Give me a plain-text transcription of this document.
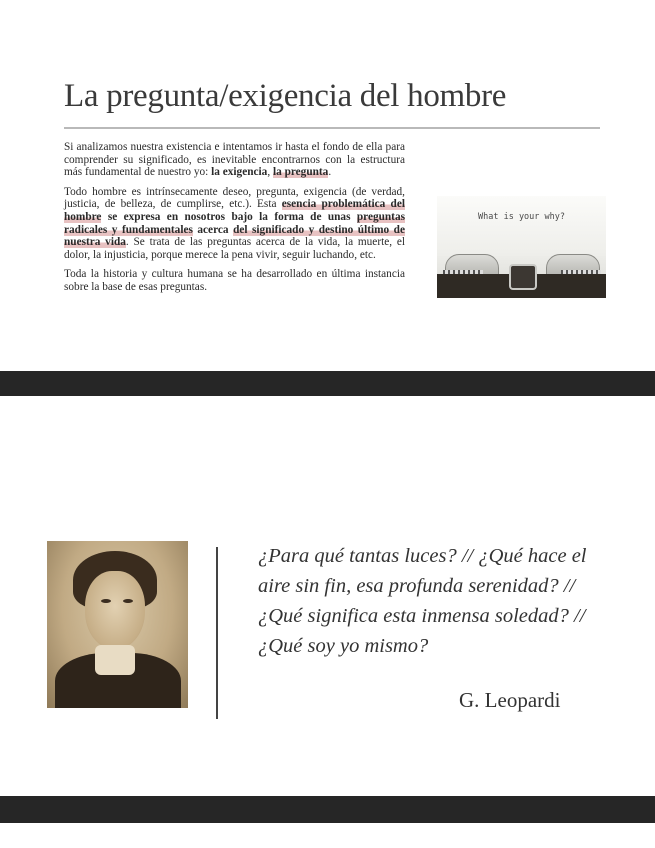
La pregunta/exigencia del hombre

Si analizamos nuestra existencia e intentamos ir hasta el fondo de ella para comprender su significado, es inevitable encontrarnos con la estructura más fundamental de nuestro yo: la exigencia, la pregunta.

Todo hombre es intrínsecamente deseo, pregunta, exigencia (de verdad, justicia, de belleza, de cumplirse, etc.). Esta esencia problemática del hombre se expresa en nosotros bajo la forma de unas preguntas radicales y fundamentales acerca del significado y destino último de nuestra vida. Se trata de las preguntas acerca de la vida, la muerte, el dolor, la injusticia, porque merece la pena vivir, seguir luchando, etc.

Toda la historia y cultura humana se ha desarrollado en última instancia sobre la base de esas preguntas.

What is your why?
¿Para qué tantas luces? // ¿Qué hace el aire sin fin, esa profunda serenidad? // ¿Qué significa esta inmensa soledad? // ¿Qué soy yo mismo?
G. Leopardi
